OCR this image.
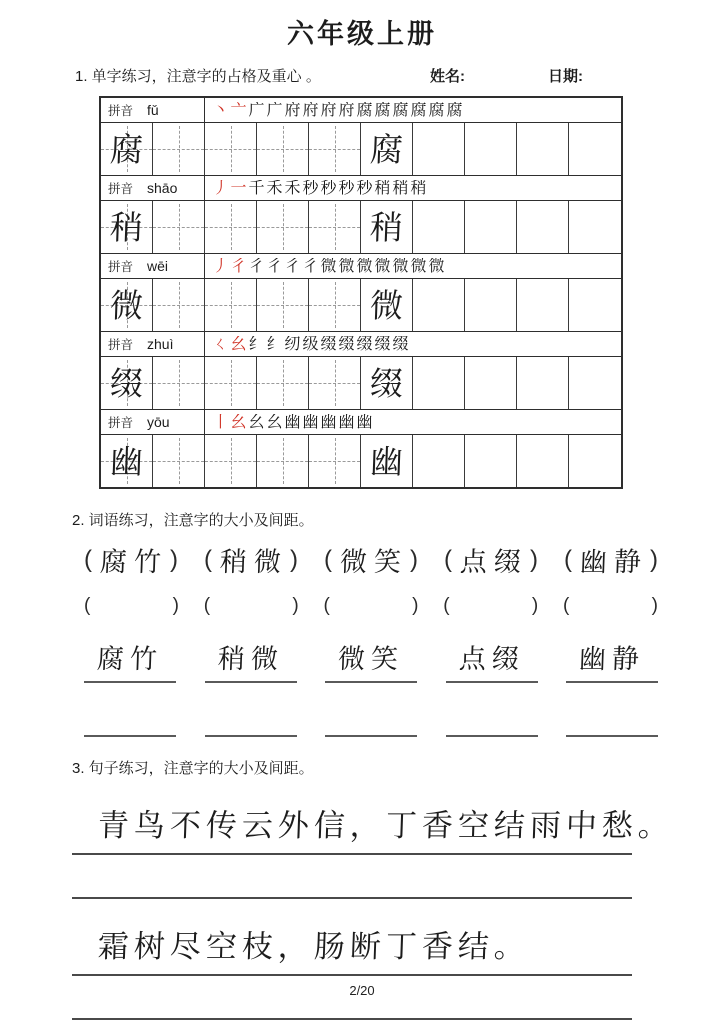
六年级上册
1. 单字练习，注意字的占格及重心 。	姓名:	日期:
拼音 fǔ	丶 亠 广 广 府 府 府 府 腐 腐 腐 腐 腐 腐
腐	腐
拼音 shāo 丿 一 千 禾 禾 秒 秒 秒 秒 稍 稍 稍
稍	稍
拼音 wēi	丿 彳 彳 彳 彳 彳 微 微 微 微 微 微 微
微	微
拼音 zhuì ㄑ 幺 纟 纟 纫 级 缀 缀 缀 缀 缀
缀	缀
拼音 yōu	丨 幺 幺 幺 幽 幽 幽 幽 幽
幽	幽
2. 词语练习，注意字的大小及间距。
( 腐竹 ) ( 稍微 ) ( 微笑 ) ( 点缀 ) ( 幽静 )
(	) (	) (	) (	) (	)
腐竹	稍微	微笑	点缀	幽静
3. 句子练习，注意字的大小及间距。
青鸟不传云外信，丁香空结雨中愁。
霜树尽空枝，肠断丁香结。
2/20
